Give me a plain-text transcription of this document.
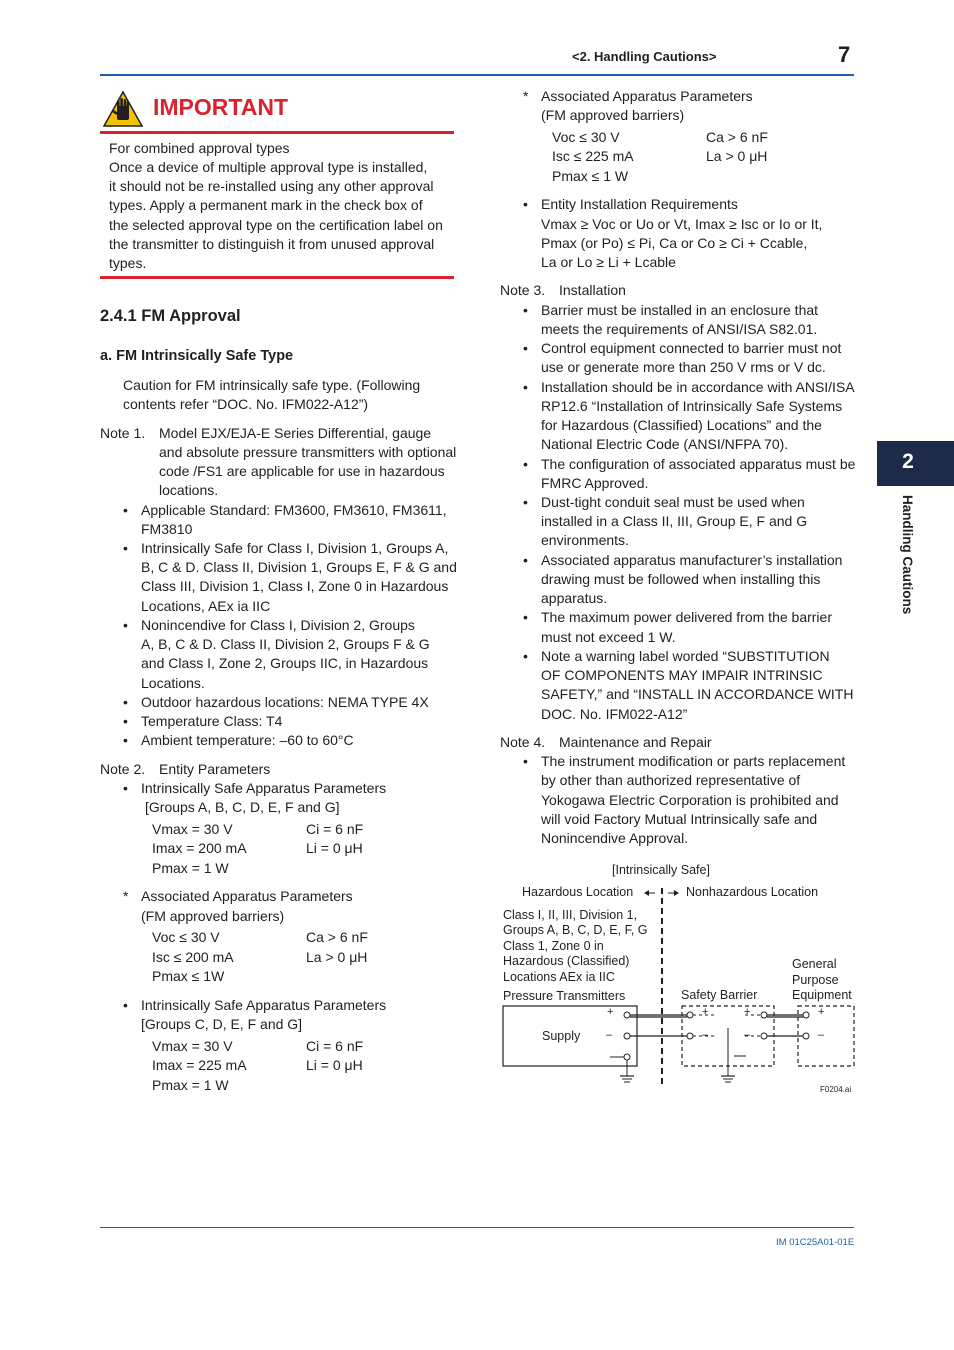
<2. Handling Cautions>	7
2
Handling Cautions
IMPORTANT
For combined approval types
Once a device of multiple approval type is installed,
it should not be re-installed using any other approval
types. Apply a permanent mark in the check box of
the selected approval type on the certification label on
the transmitter to distinguish it from unused approval
types.
2.4.1 FM Approval
a. FM Intrinsically Safe Type
Caution for FM intrinsically safe type. (Following
contents refer “DOC. No. IFM022-A12”)
Note 1. Model EJX/EJA-E Series Differential, gauge
and absolute pressure transmitters with optional
code /FS1 are applicable for use in hazardous
locations.
• Applicable Standard: FM3600, FM3610, FM3611,
FM3810
• Intrinsically Safe for Class I, Division 1, Groups A,
B, C & D. Class II, Division 1, Groups E, F & G and
Class III, Division 1, Class I, Zone 0 in Hazardous
Locations, AEx ia IIC
• Nonincendive for Class I, Division 2, Groups
A, B, C & D. Class II, Division 2, Groups F & G
and Class I, Zone 2, Groups IIC, in Hazardous
Locations.
• Outdoor hazardous locations: NEMA TYPE 4X
• Temperature Class: T4
• Ambient temperature: –60 to 60°C
Note 2. Entity Parameters
• Intrinsically Safe Apparatus Parameters
[Groups A, B, C, D, E, F and G]
Vmax = 30 V	Ci = 6 nF
Imax = 200 mA	Li = 0 μH
Pmax = 1 W
* Associated Apparatus Parameters
(FM approved barriers)
Voc ≤ 30 V	Ca > 6 nF
Isc ≤ 200 mA	La > 0 μH
Pmax ≤ 1W
• Intrinsically Safe Apparatus Parameters
[Groups C, D, E, F and G]
Vmax = 30 V	Ci = 6 nF
Imax = 225 mA	Li = 0 μH
Pmax = 1 W
* Associated Apparatus Parameters
(FM approved barriers)
Voc ≤ 30 V	Ca > 6 nF
Isc ≤ 225 mA	La > 0 μH
Pmax ≤ 1 W
• Entity Installation Requirements
Vmax ≥ Voc or Uo or Vt, Imax ≥ Isc or Io or It,
Pmax (or Po) ≤ Pi, Ca or Co ≥ Ci + Ccable,
La or Lo ≥ Li + Lcable
Note 3. Installation
• Barrier must be installed in an enclosure that
meets the requirements of ANSI/ISA S82.01.
• Control equipment connected to barrier must not
use or generate more than 250 V rms or V dc.
• Installation should be in accordance with ANSI/ISA
RP12.6 “Installation of Intrinsically Safe Systems
for Hazardous (Classified) Locations” and the
National Electric Code (ANSI/NFPA 70).
• The configuration of associated apparatus must be
FMRC Approved.
• Dust-tight conduit seal must be used when
installed in a Class II, III, Group E, F and G
environments.
• Associated apparatus manufacturer’s installation
drawing must be followed when installing this
apparatus.
• The maximum power delivered from the barrier
must not exceed 1 W.
• Note a warning label worded “SUBSTITUTION
OF COMPONENTS MAY IMPAIR INTRINSIC
SAFETY,” and “INSTALL IN ACCORDANCE WITH
DOC. No. IFM022-A12”
Note 4. Maintenance and Repair
• The instrument modification or parts replacement
by other than authorized representative of
Yokogawa Electric Corporation is prohibited and
will void Factory Mutual Intrinsically safe and
Nonincendive Approval.
[Intrinsically Safe]
Hazardous Location	Nonhazardous Location
Class I, II, III, Division 1,
Groups A, B, C, D, E, F, G
Class 1, Zone 0 in
Hazardous (Classified)
Locations AEx ia IIC
Pressure Transmitters
Supply
Safety Barrier
General
Purpose
Equipment
+
–
+
–
+
–
+
–
F0204.ai
IM 01C25A01-01E
